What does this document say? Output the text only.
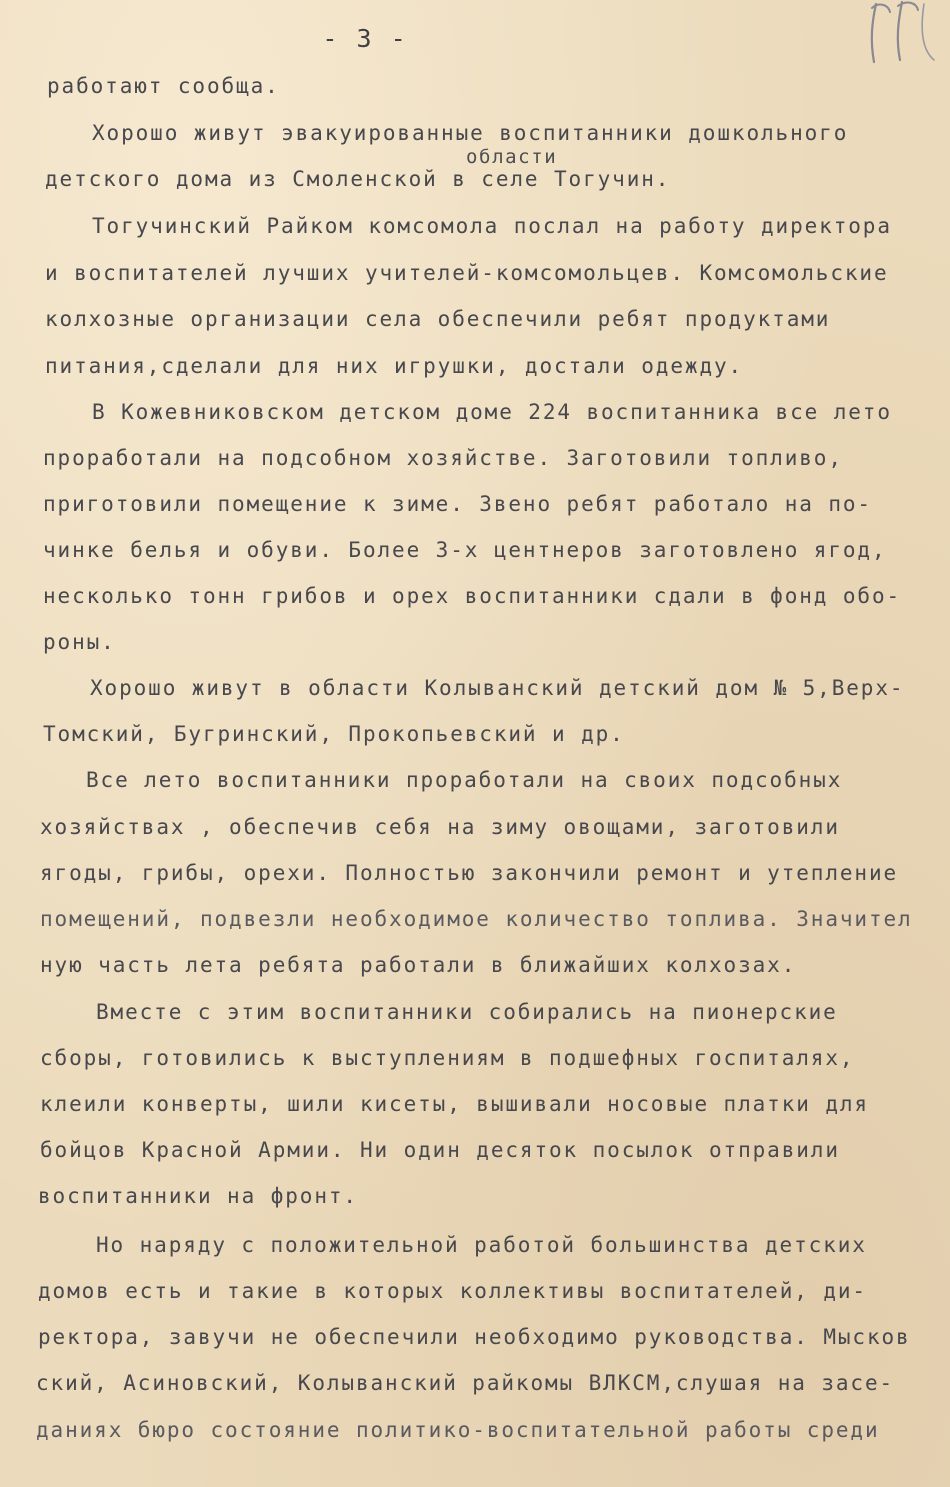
- 3 -
работают сообща.
Хорошо живут эвакуированные воспитанники дошкольного
области
детского дома из Смоленской в селе Тогучин.
Тогучинский Райком комсомола послал на работу директора
и воспитателей лучших учителей-комсомольцев. Комсомольские
колхозные организации села обеспечили ребят продуктами
питания,сделали для них игрушки, достали одежду.
В Кожевниковском детском доме 224 воспитанника все лето
проработали на подсобном хозяйстве. Заготовили топливо,
приготовили помещение к зиме. Звено ребят работало на по-
чинке белья и обуви. Более 3-х центнеров заготовлено ягод,
несколько тонн грибов и орех воспитанники сдали в фонд обо-
роны.
Хорошо живут в области Колыванский детский дом № 5,Верх-
Томский, Бугринский, Прокопьевский и др.
Все лето воспитанники проработали на своих подсобных
хозяйствах , обеспечив себя на зиму овощами, заготовили
ягоды, грибы, орехи. Полностью закончили ремонт и утепление
помещений, подвезли необходимое количество топлива. Значител
ную часть лета ребята работали в ближайших колхозах.
Вместе с этим воспитанники собирались на пионерские
сборы, готовились к выступлениям в подшефных госпиталях,
клеили конверты, шили кисеты, вышивали носовые платки для
бойцов Красной Армии. Ни один десяток посылок отправили
воспитанники на фронт.
Но наряду с положительной работой большинства детских
домов есть и такие в которых коллективы воспитателей, ди-
ректора, завучи не обеспечили необходимо руководства. Мысков
ский, Асиновский, Колыванский райкомы ВЛКСМ,слушая на засе-
даниях бюро состояние политико-воспитательной работы среди
